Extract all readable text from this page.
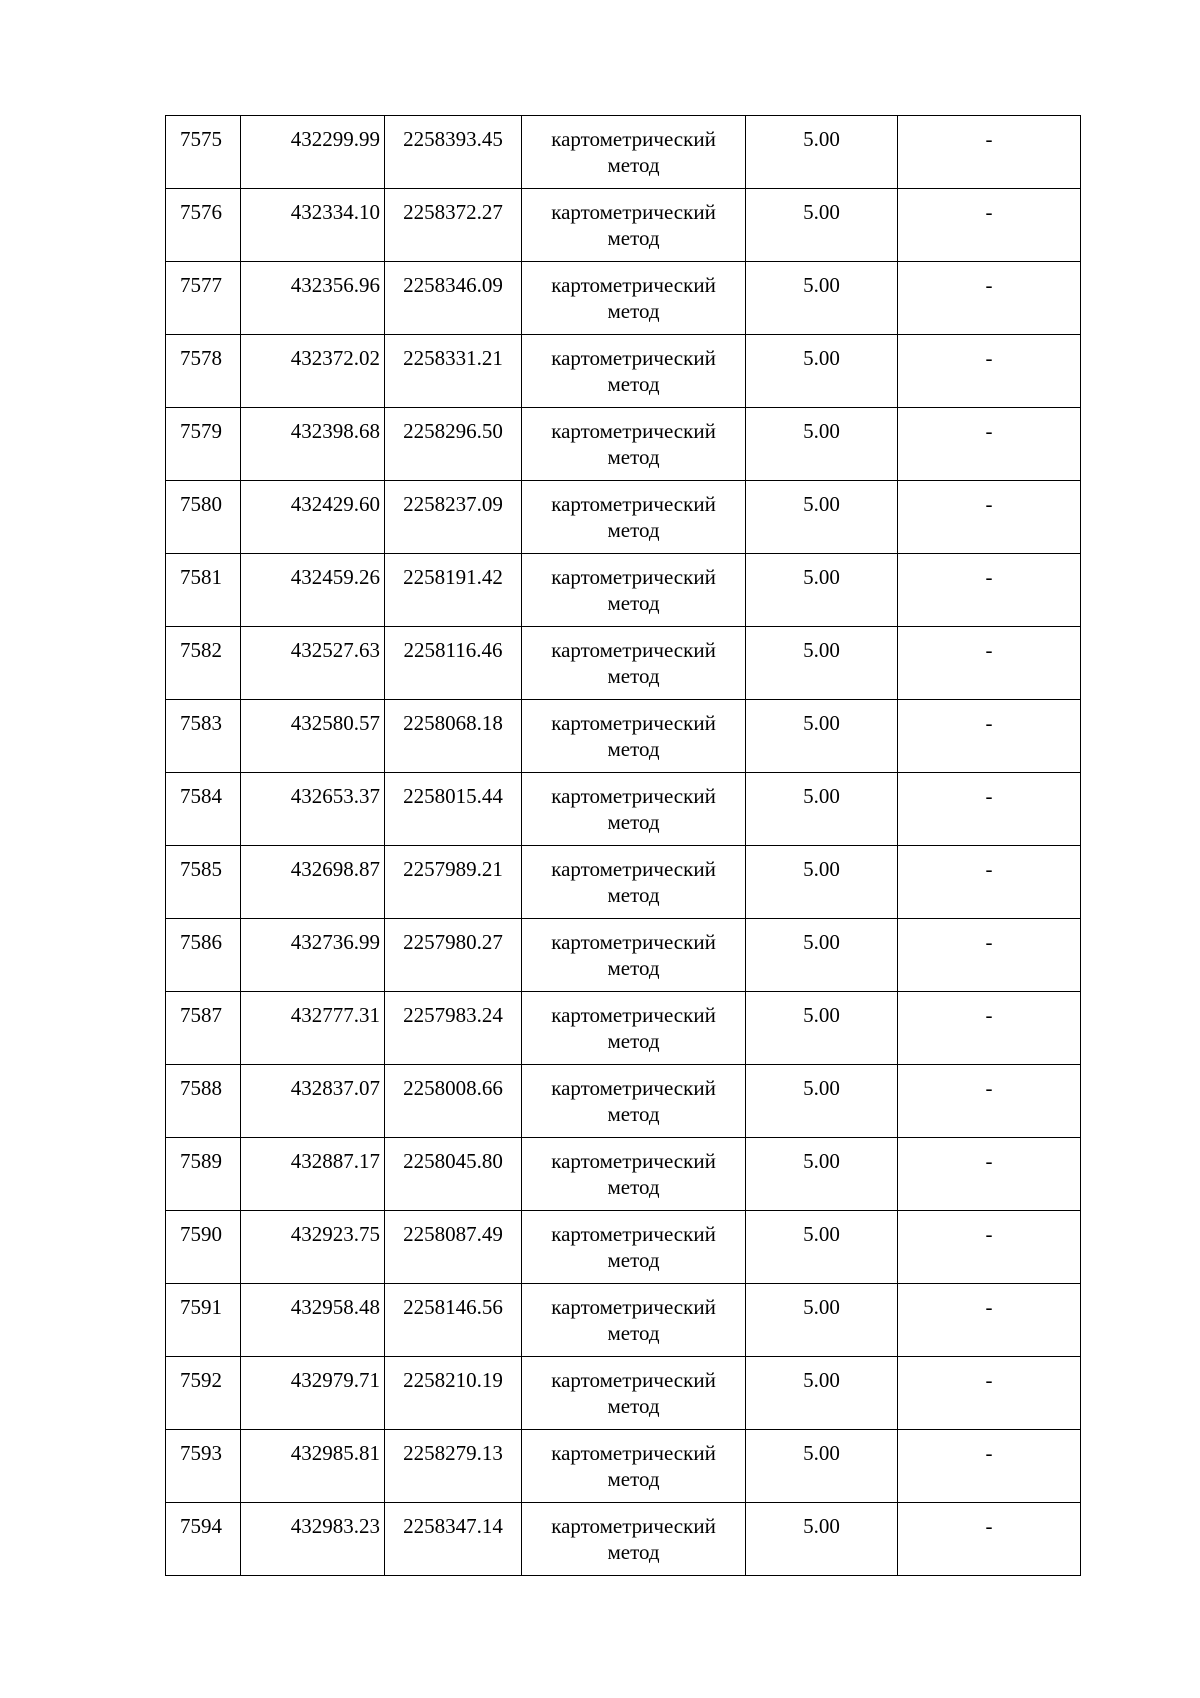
7575	432299.99	2258393.45	картометрический
метод	5.00	-

7576	432334.10	2258372.27	картометрический
метод	5.00	-

7577	432356.96	2258346.09	картометрический
метод	5.00	-

7578	432372.02	2258331.21	картометрический
метод	5.00	-

7579	432398.68	2258296.50	картометрический
метод	5.00	-

7580	432429.60	2258237.09	картометрический
метод	5.00	-

7581	432459.26	2258191.42	картометрический
метод	5.00	-

7582	432527.63	2258116.46	картометрический
метод	5.00	-

7583	432580.57	2258068.18	картометрический
метод	5.00	-

7584	432653.37	2258015.44	картометрический
метод	5.00	-

7585	432698.87	2257989.21	картометрический
метод	5.00	-

7586	432736.99	2257980.27	картометрический
метод	5.00	-

7587	432777.31	2257983.24	картометрический
метод	5.00	-

7588	432837.07	2258008.66	картометрический
метод	5.00	-

7589	432887.17	2258045.80	картометрический
метод	5.00	-

7590	432923.75	2258087.49	картометрический
метод	5.00	-

7591	432958.48	2258146.56	картометрический
метод	5.00	-

7592	432979.71	2258210.19	картометрический
метод	5.00	-

7593	432985.81	2258279.13	картометрический
метод	5.00	-

7594	432983.23	2258347.14	картометрический
метод	5.00	-
